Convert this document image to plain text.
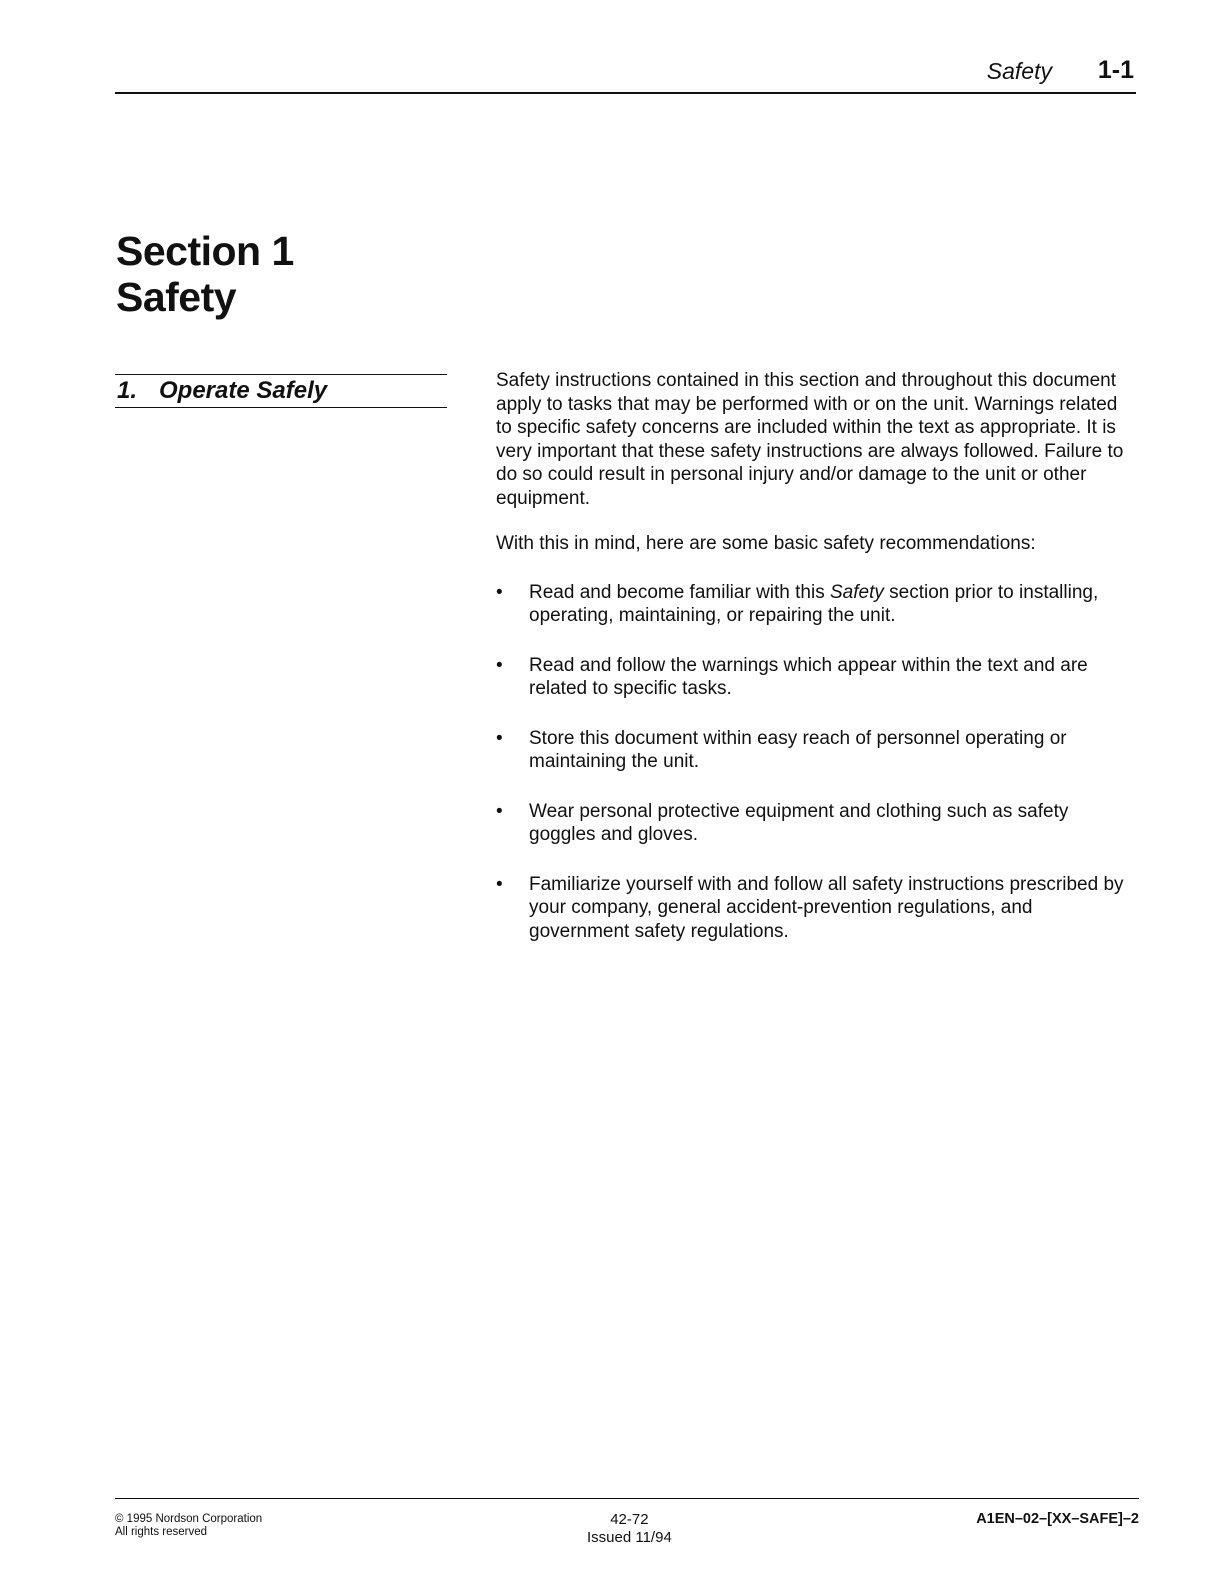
Safety 1-1
Section 1
Safety
1. Operate Safely	Safety instructions contained in this section and throughout this document apply to tasks that may be performed with or on the unit. Warnings related to specific safety concerns are included within the text as appropriate. It is very important that these safety instructions are always followed. Failure to do so could result in personal injury and/or damage to the unit or other equipment.

With this in mind, here are some basic safety recommendations:

• Read and become familiar with this Safety section prior to installing, operating, maintaining, or repairing the unit.
• Read and follow the warnings which appear within the text and are related to specific tasks.
• Store this document within easy reach of personnel operating or maintaining the unit.
• Wear personal protective equipment and clothing such as safety goggles and gloves.
• Familiarize yourself with and follow all safety instructions prescribed by your company, general accident-prevention regulations, and government safety regulations.
© 1995 Nordson Corporation
All rights reserved
42-72
Issued 11/94
A1EN–02–[XX–SAFE]–2
